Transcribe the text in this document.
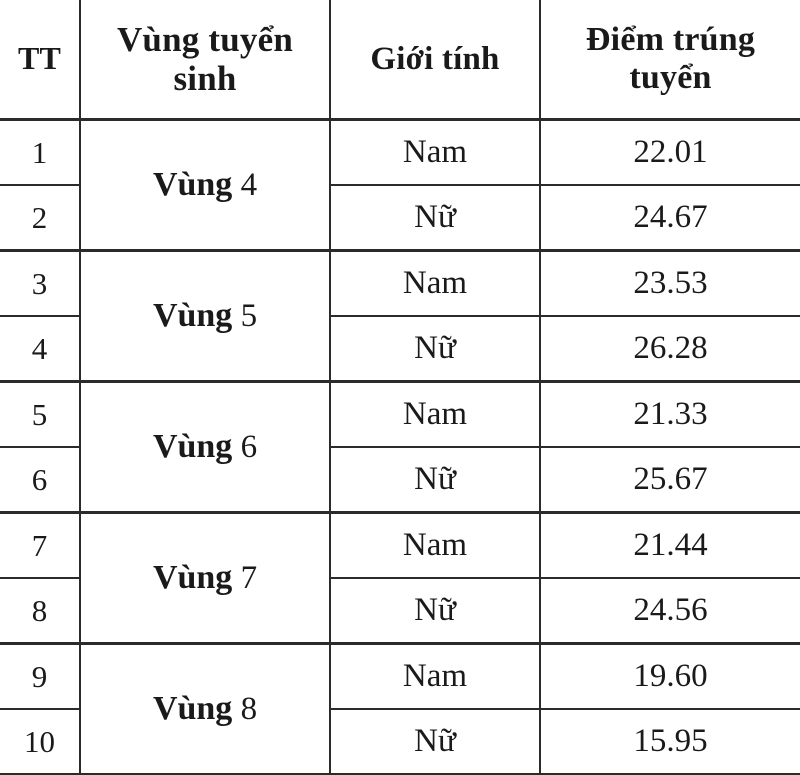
TT	Vùng tuyển sinh	Giới tính	Điểm trúng tuyển
1	Vùng 4	Nam	22.01
2		Nữ	24.67
3	Vùng 5	Nam	23.53
4		Nữ	26.28
5	Vùng 6	Nam	21.33
6		Nữ	25.67
7	Vùng 7	Nam	21.44
8		Nữ	24.56
9	Vùng 8	Nam	19.60
10		Nữ	15.95
